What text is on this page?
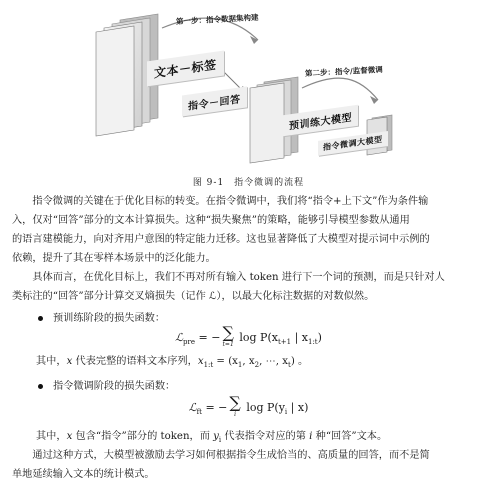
第一步：指令数据集构建
第二步：指令/监督微调
文本－标签
指令－回答
预训练大模型
指令微调大模型
图 9-1　指令微调的流程

指令微调的关键在于优化目标的转变。在指令微调中，我们将“指令+上下文”作为条件输

入，仅对“回答”部分的文本计算损失。这种“损失聚焦”的策略，能够引导模型参数从通用
的语言建模能力，向对齐用户意图的特定能力迁移。这也显著降低了大模型对提示词中示例的
依赖，提升了其在零样本场景中的泛化能力。

具体而言，在优化目标上，我们不再对所有输入 token 进行下一个词的预测，而是只针对人

类标注的“回答”部分计算交叉熵损失（记作 ℒ），以最大化标注数据的对数似然。
预训练阶段的损失函数：
ℒ$_{pre}$ = − ∑
t=1
$\log P(x_{t+1}$ | $x_{1:t}$)
其中，x 代表完整的语料文本序列，$x_{1:t} = (x_1$, $x_2$, ⋯, $x_t$) 。
指令微调阶段的损失函数：
ℒ$_{ft}$ = − ∑
i
$\log P(y_i$ | x)
其中，x 包含“指令”部分的 token，而 $y_i$ 代表指令对应的第 i 种“回答”文本。

通过这种方式，大模型被激励去学习如何根据指令生成恰当的、高质量的回答，而不是简

单地延续输入文本的统计模式。
